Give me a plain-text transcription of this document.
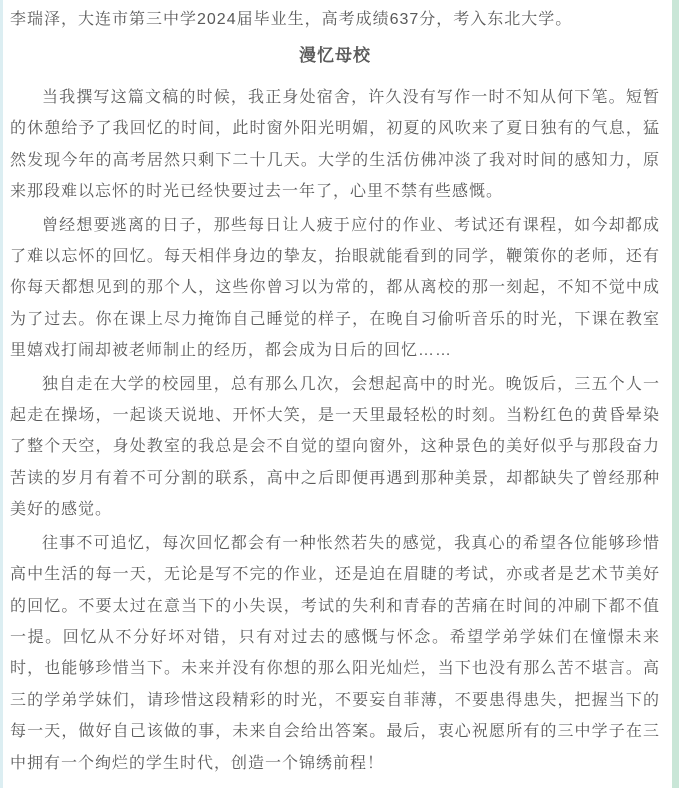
李瑞泽，大连市第三中学2024届毕业生，高考成绩637分，考入东北大学。

漫忆母校

当我撰写这篇文稿的时候，我正身处宿舍，许久没有写作一时不知从何下笔。短暂的休憩给予了我回忆的时间，此时窗外阳光明媚，初夏的风吹来了夏日独有的气息，猛然发现今年的高考居然只剩下二十几天。大学的生活仿佛冲淡了我对时间的感知力，原来那段难以忘怀的时光已经快要过去一年了，心里不禁有些感慨。

曾经想要逃离的日子，那些每日让人疲于应付的作业、考试还有课程，如今却都成了难以忘怀的回忆。每天相伴身边的挚友，抬眼就能看到的同学，鞭策你的老师，还有你每天都想见到的那个人，这些你曾习以为常的，都从离校的那一刻起，不知不觉中成为了过去。你在课上尽力掩饰自己睡觉的样子，在晚自习偷听音乐的时光，下课在教室里嬉戏打闹却被老师制止的经历，都会成为日后的回忆……

独自走在大学的校园里，总有那么几次，会想起高中的时光。晚饭后，三五个人一起走在操场，一起谈天说地、开怀大笑，是一天里最轻松的时刻。当粉红色的黄昏晕染了整个天空，身处教室的我总是会不自觉的望向窗外，这种景色的美好似乎与那段奋力苦读的岁月有着不可分割的联系，高中之后即便再遇到那种美景，却都缺失了曾经那种美好的感觉。

往事不可追忆，每次回忆都会有一种怅然若失的感觉，我真心的希望各位能够珍惜高中生活的每一天，无论是写不完的作业，还是迫在眉睫的考试，亦或者是艺术节美好的回忆。不要太过在意当下的小失误，考试的失利和青春的苦痛在时间的冲刷下都不值一提。回忆从不分好坏对错，只有对过去的感慨与怀念。希望学弟学妹们在憧憬未来时，也能够珍惜当下。未来并没有你想的那么阳光灿烂，当下也没有那么苦不堪言。高三的学弟学妹们，请珍惜这段精彩的时光，不要妄自菲薄，不要患得患失，把握当下的每一天，做好自己该做的事，未来自会给出答案。最后，衷心祝愿所有的三中学子在三中拥有一个绚烂的学生时代，创造一个锦绣前程！
